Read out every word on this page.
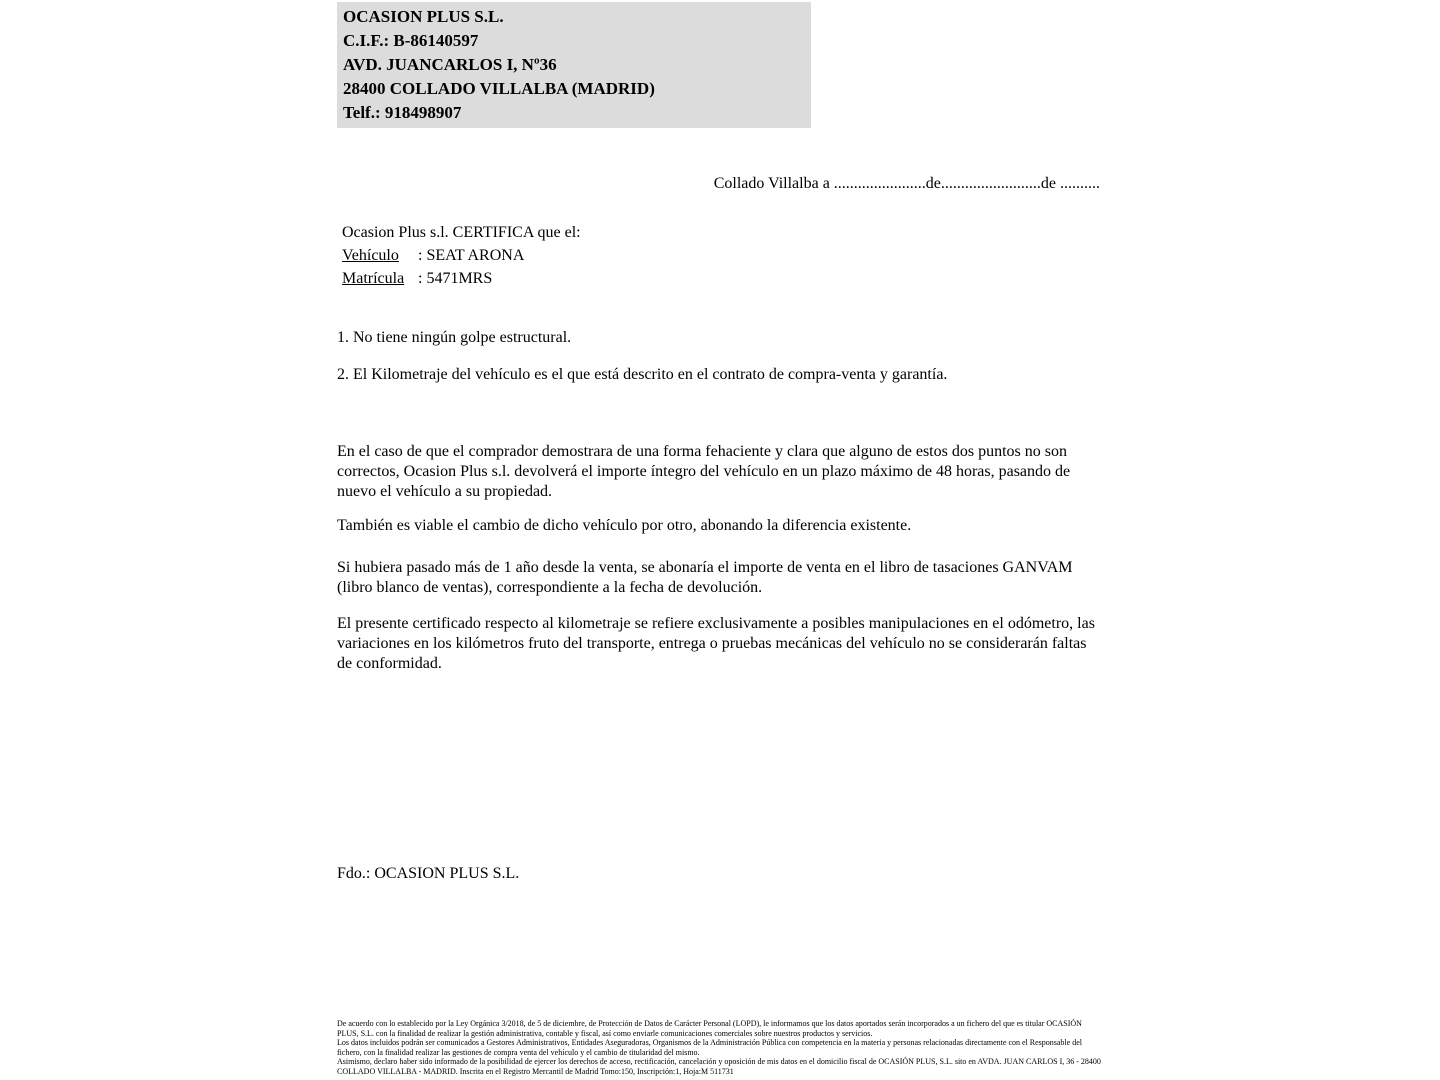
OCASION PLUS S.L.
C.I.F.: B-86140597
AVD. JUANCARLOS I, Nº36
28400 COLLADO VILLALBA (MADRID)
Telf.: 918498907
Collado Villalba a .......................de.........................de ..........
Ocasion Plus s.l. CERTIFICA que el:
Vehículo : SEAT ARONA
Matrícula : 5471MRS

1. No tiene ningún golpe estructural.

2. El Kilometraje del vehículo es el que está descrito en el contrato de compra-venta y garantía.

En el caso de que el comprador demostrara de una forma fehaciente y clara que alguno de estos dos puntos no son correctos, Ocasion Plus s.l. devolverá el importe íntegro del vehículo en un plazo máximo de 48 horas, pasando de nuevo el vehículo a su propiedad.

También es viable el cambio de dicho vehículo por otro, abonando la diferencia existente.

Si hubiera pasado más de 1 año desde la venta, se abonaría el importe de venta en el libro de tasaciones GANVAM (libro blanco de ventas), correspondiente a la fecha de devolución.

El presente certificado respecto al kilometraje se refiere exclusivamente a posibles manipulaciones en el odómetro, las variaciones en los kilómetros fruto del transporte, entrega o pruebas mecánicas del vehículo no se considerarán faltas de conformidad.

Fdo.: OCASION PLUS S.L.

De acuerdo con lo establecido por la Ley Orgánica 3/2018, de 5 de diciembre, de Protección de Datos de Carácter Personal (LOPD), le informamos que los datos aportados serán incorporados a un fichero del que es titular OCASIÓN PLUS, S.L. con la finalidad de realizar la gestión administrativa, contable y fiscal, así como enviarle comunicaciones comerciales sobre nuestros productos y servicios.

Los datos incluidos podrán ser comunicados a Gestores Administrativos, Entidades Aseguradoras, Organismos de la Administración Pública con competencia en la materia y personas relacionadas directamente con el Responsable del fichero, con la finalidad realizar las gestiones de compra venta del vehículo y el cambio de titularidad del mismo.

Asimismo, declaro haber sido informado de la posibilidad de ejercer los derechos de acceso, rectificación, cancelación y oposición de mis datos en el domicilio fiscal de OCASIÓN PLUS, S.L. sito en AVDA. JUAN CARLOS I, 36 - 28400 COLLADO VILLALBA - MADRID. Inscrita en el Registro Mercantil de Madrid Tomo:150, Inscripción:1, Hoja:M 511731
